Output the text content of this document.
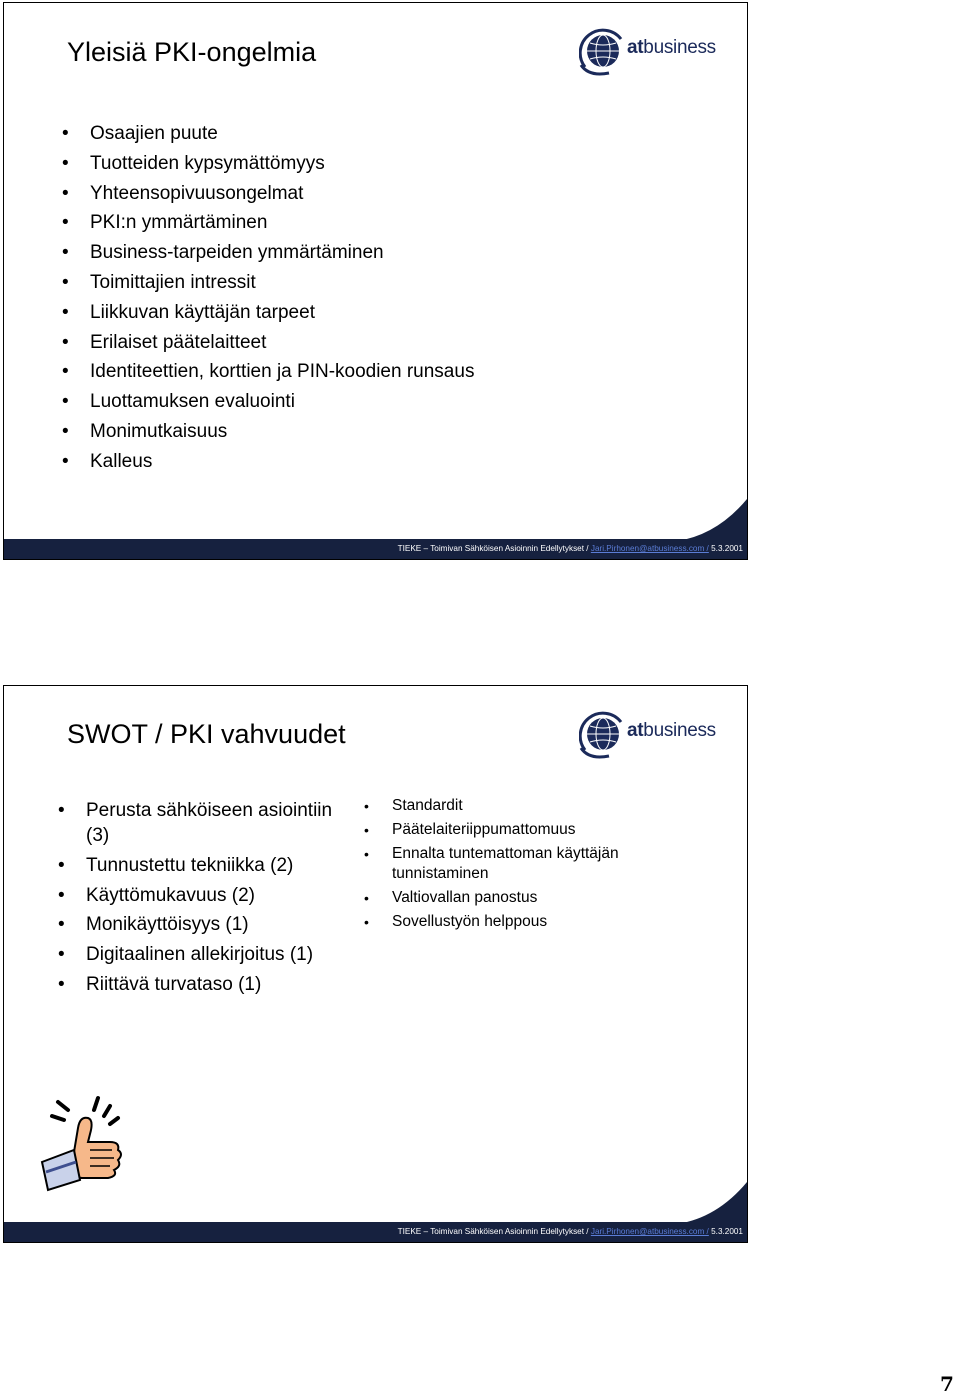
Yleisiä PKI-ongelmia	atbusiness
• Osaajien puute
• Tuotteiden kypsymättömyys
• Yhteensopivuusongelmat
• PKI:n ymmärtäminen
• Business-tarpeiden ymmärtäminen
• Toimittajien intressit
• Liikkuvan käyttäjän tarpeet
• Erilaiset päätelaitteet
• Identiteettien, korttien ja PIN-koodien runsaus
• Luottamuksen evaluointi
• Monimutkaisuus
• Kalleus
TIEKE – Toimivan Sähköisen Asioinnin Edellytykset / Jari.Pirhonen@atbusiness.com / 5.3.2001
SWOT / PKI vahvuudet	atbusiness
TIEKE – Toimivan Sähköisen Asioinnin Edellytykset / Jari.Pirhonen@atbusiness.com / 5.3.2001
• Perusta sähköiseen asiointiin (3)
• Tunnustettu tekniikka (2)
• Käyttömukavuus (2)
• Monikäyttöisyys (1)
• Digitaalinen allekirjoitus (1)
• Riittävä turvataso (1)
• Standardit
• Päätelaiteriippumattomuus
• Ennalta tuntemattoman käyttäjän tunnistaminen
• Valtiovallan panostus
• Sovellustyön helppous
7
